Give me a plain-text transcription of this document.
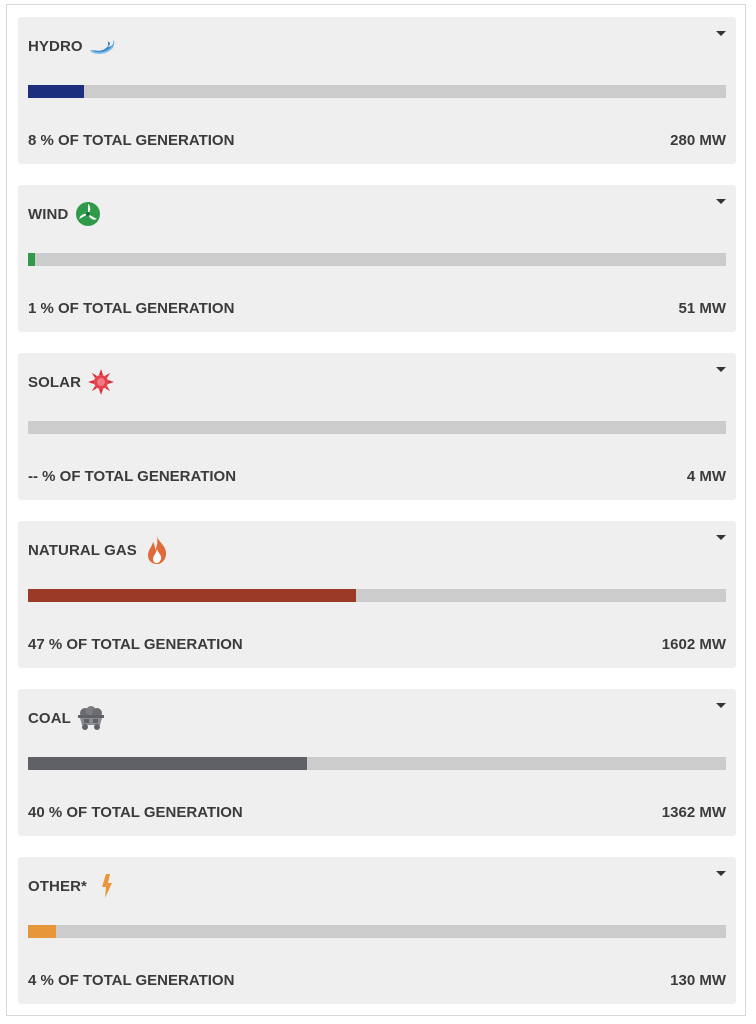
HYDRO
8 % OF TOTAL GENERATION	280 MW
WIND
1 % OF TOTAL GENERATION	51 MW
SOLAR
-- % OF TOTAL GENERATION	4 MW
NATURAL GAS
47 % OF TOTAL GENERATION	1602 MW
COAL
40 % OF TOTAL GENERATION	1362 MW
OTHER*
4 % OF TOTAL GENERATION	130 MW
